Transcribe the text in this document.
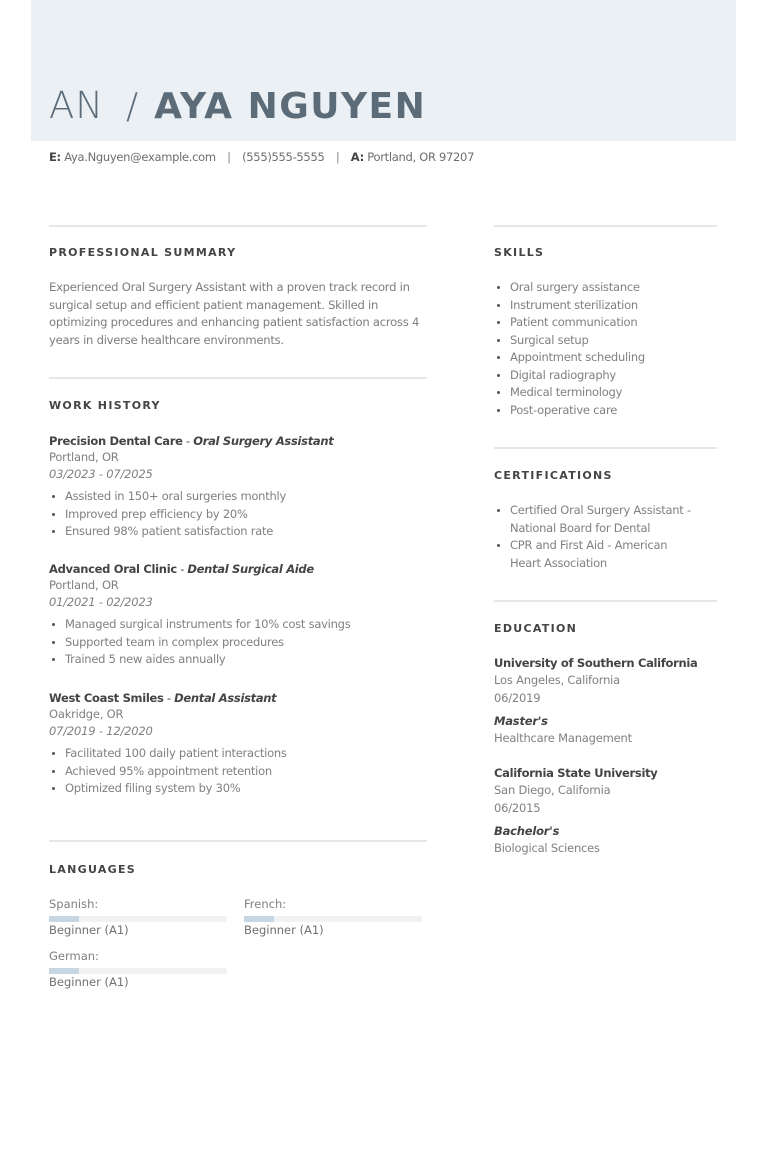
AN / AYA NGUYEN
E: Aya.Nguyen@example.com | (555)555-5555 | A: Portland, OR 97207
PROFESSIONAL SUMMARY
Experienced Oral Surgery Assistant with a proven track record in surgical setup and efficient patient management. Skilled in optimizing procedures and enhancing patient satisfaction across 4 years in diverse healthcare environments.
WORK HISTORY
Precision Dental Care - Oral Surgery Assistant
Portland, OR
03/2023 - 07/2025
Assisted in 150+ oral surgeries monthly
Improved prep efficiency by 20%
Ensured 98% patient satisfaction rate
Advanced Oral Clinic - Dental Surgical Aide
Portland, OR
01/2021 - 02/2023
Managed surgical instruments for 10% cost savings
Supported team in complex procedures
Trained 5 new aides annually
West Coast Smiles - Dental Assistant
Oakridge, OR
07/2019 - 12/2020
Facilitated 100 daily patient interactions
Achieved 95% appointment retention
Optimized filing system by 30%
LANGUAGES
Spanish:
Beginner (A1)
French:
Beginner (A1)
German:
Beginner (A1)
SKILLS
Oral surgery assistance
Instrument sterilization
Patient communication
Surgical setup
Appointment scheduling
Digital radiography
Medical terminology
Post-operative care
CERTIFICATIONS
Certified Oral Surgery Assistant - National Board for Dental
CPR and First Aid - American Heart Association
EDUCATION
University of Southern California
Los Angeles, California
06/2019
Master's
Healthcare Management
California State University
San Diego, California
06/2015
Bachelor's
Biological Sciences
